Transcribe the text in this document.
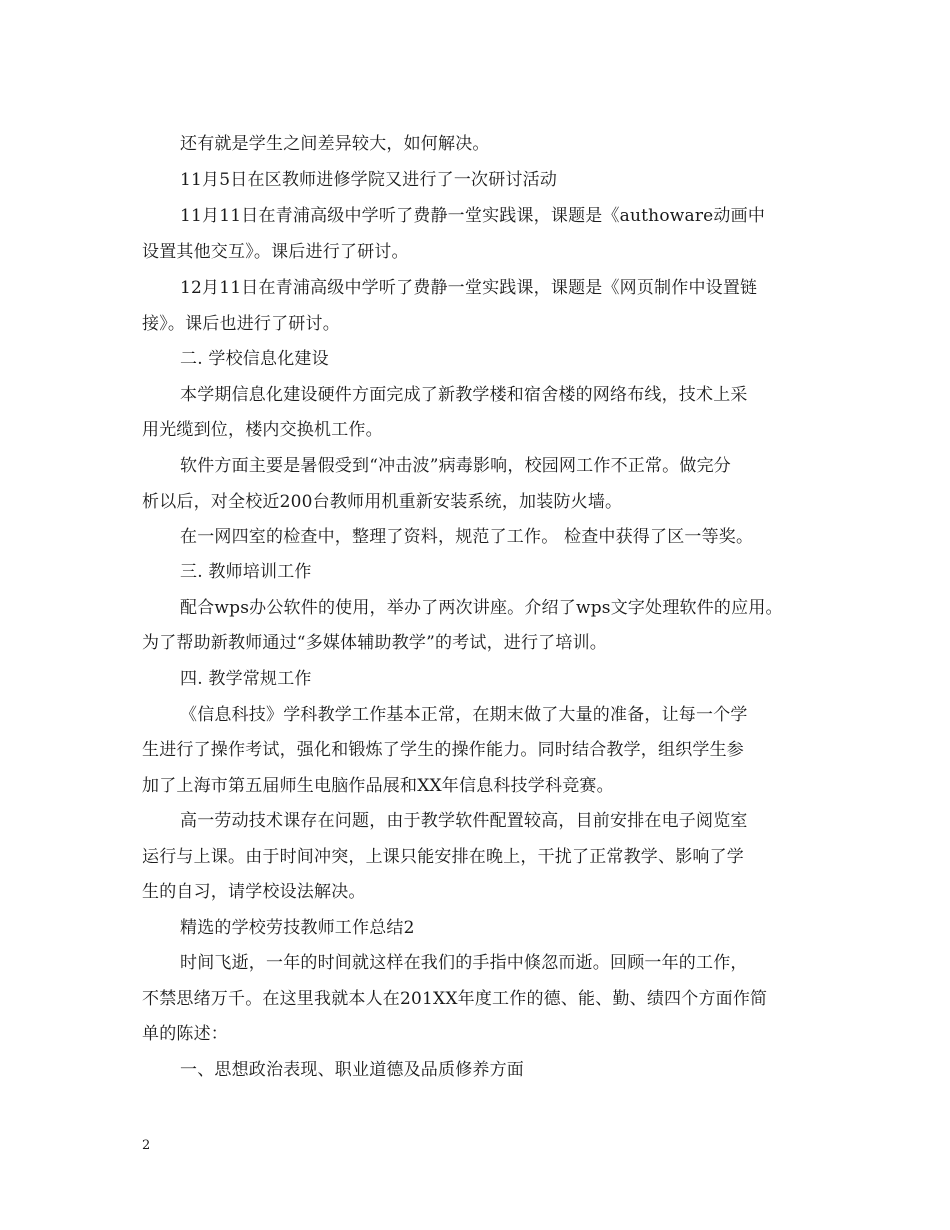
还有就是学生之间差异较大，如何解决。
11月5日在区教师进修学院又进行了一次研讨活动
11月11日在青浦高级中学听了费静一堂实践课，课题是《authoware动画中
设置其他交互》。课后进行了研讨。
12月11日在青浦高级中学听了费静一堂实践课，课题是《网页制作中设置链
接》。课后也进行了研讨。
二. 学校信息化建设
本学期信息化建设硬件方面完成了新教学楼和宿舍楼的网络布线，技术上采
用光缆到位，楼内交换机工作。
软件方面主要是暑假受到“冲击波”病毒影响，校园网工作不正常。做完分
析以后，对全校近200台教师用机重新安装系统，加装防火墙。
在一网四室的检查中，整理了资料，规范了工作。 检查中获得了区一等奖。
三. 教师培训工作
配合wps办公软件的使用，举办了两次讲座。介绍了wps文字处理软件的应用。
为了帮助新教师通过“多媒体辅助教学”的考试，进行了培训。
四. 教学常规工作
《信息科技》学科教学工作基本正常，在期末做了大量的准备，让每一个学
生进行了操作考试，强化和锻炼了学生的操作能力。同时结合教学，组织学生参
加了上海市第五届师生电脑作品展和XX年信息科技学科竞赛。
高一劳动技术课存在问题，由于教学软件配置较高，目前安排在电子阅览室
运行与上课。由于时间冲突，上课只能安排在晚上，干扰了正常教学、影响了学
生的自习，请学校设法解决。
精选的学校劳技教师工作总结2
时间飞逝，一年的时间就这样在我们的手指中倏忽而逝。回顾一年的工作，
不禁思绪万千。在这里我就本人在201XX年度工作的德、能、勤、绩四个方面作简
单的陈述：
一、思想政治表现、职业道德及品质修养方面
2
